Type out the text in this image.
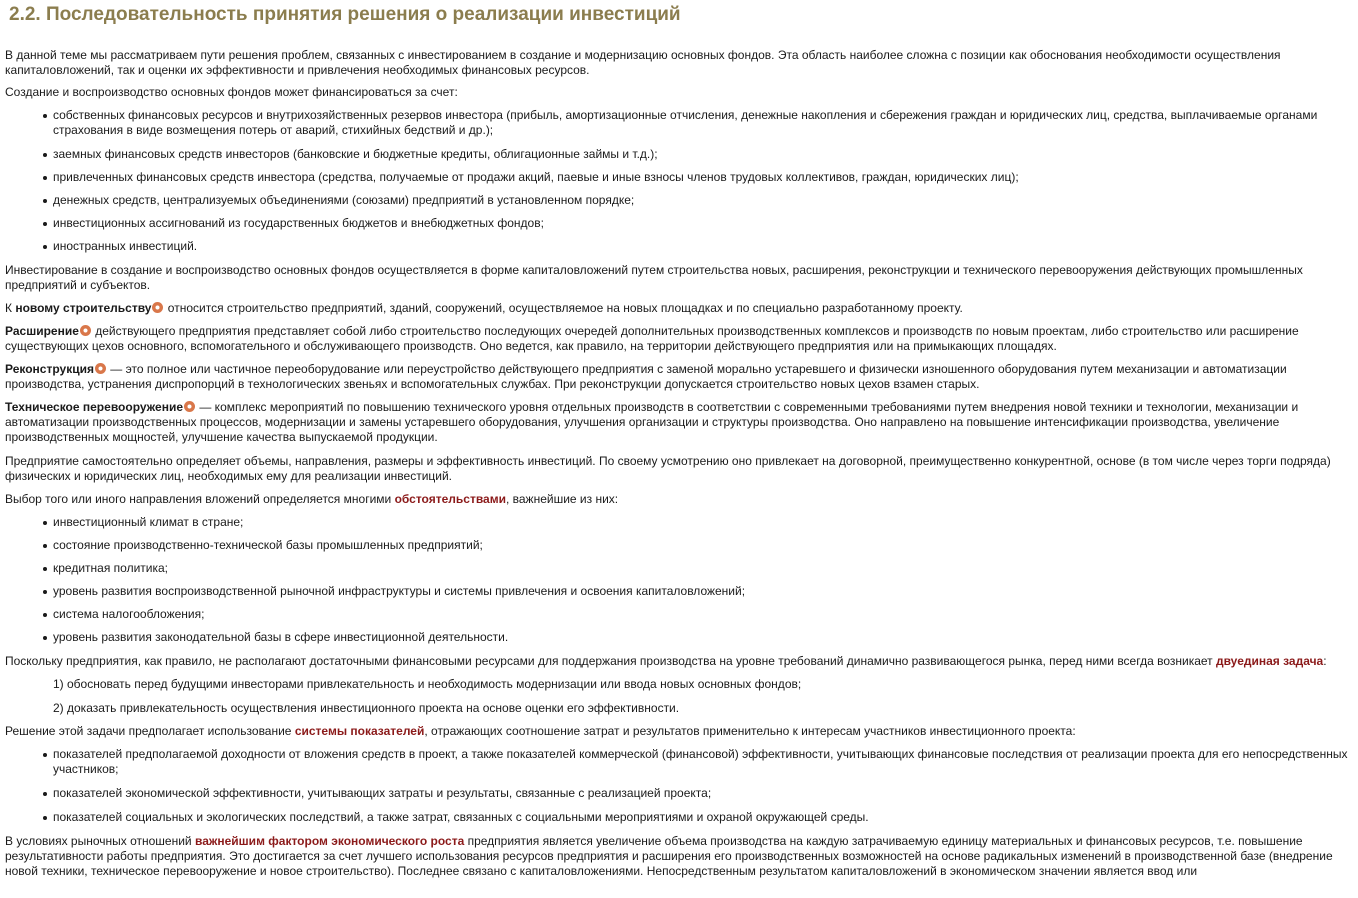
2.2. Последовательность принятия решения о реализации инвестиций

В данной теме мы рассматриваем пути решения проблем, связанных с инвестированием в создание и модернизацию основных фондов. Эта область наиболее сложна с позиции как обоснования необходимости осуществления капиталовложений, так и оценки их эффективности и привлечения необходимых финансовых ресурсов.

Создание и воспроизводство основных фондов может финансироваться за счет:

собственных финансовых ресурсов и внутрихозяйственных резервов инвестора (прибыль, амортизационные отчисления, денежные накопления и сбережения граждан и юридических лиц, средства, выплачиваемые органами страхования в виде возмещения потерь от аварий, стихийных бедствий и др.);
заемных финансовых средств инвесторов (банковские и бюджетные кредиты, облигационные займы и т.д.);
привлеченных финансовых средств инвестора (средства, получаемые от продажи акций, паевые и иные взносы членов трудовых коллективов, граждан, юридических лиц);
денежных средств, централизуемых объединениями (союзами) предприятий в установленном порядке;
инвестиционных ассигнований из государственных бюджетов и внебюджетных фондов;
иностранных инвестиций.

Инвестирование в создание и воспроизводство основных фондов осуществляется в форме капиталовложений путем строительства новых, расширения, реконструкции и технического перевооружения действующих промышленных предприятий и субъектов.

К новому строительству относится строительство предприятий, зданий, сооружений, осуществляемое на новых площадках и по специально разработанному проекту.

Расширение действующего предприятия представляет собой либо строительство последующих очередей дополнительных производственных комплексов и производств по новым проектам, либо строительство или расширение существующих цехов основного, вспомогательного и обслуживающего производств. Оно ведется, как правило, на территории действующего предприятия или на примыкающих площадях.

Реконструкция — это полное или частичное переоборудование или переустройство действующего предприятия с заменой морально устаревшего и физически изношенного оборудования путем механизации и автоматизации производства, устранения диспропорций в технологических звеньях и вспомогательных службах. При реконструкции допускается строительство новых цехов взамен старых.

Техническое перевооружение — комплекс мероприятий по повышению технического уровня отдельных производств в соответствии с современными требованиями путем внедрения новой техники и технологии, механизации и автоматизации производственных процессов, модернизации и замены устаревшего оборудования, улучшения организации и структуры производства. Оно направлено на повышение интенсификации производства, увеличение производственных мощностей, улучшение качества выпускаемой продукции.

Предприятие самостоятельно определяет объемы, направления, размеры и эффективность инвестиций. По своему усмотрению оно привлекает на договорной, преимущественно конкурентной, основе (в том числе через торги подряда) физических и юридических лиц, необходимых ему для реализации инвестиций.

Выбор того или иного направления вложений определяется многими обстоятельствами, важнейшие из них:

инвестиционный климат в стране;
состояние производственно-технической базы промышленных предприятий;
кредитная политика;
уровень развития воспроизводственной рыночной инфраструктуры и системы привлечения и освоения капиталовложений;
система налогообложения;
уровень развития законодательной базы в сфере инвестиционной деятельности.

Поскольку предприятия, как правило, не располагают достаточными финансовыми ресурсами для поддержания производства на уровне требований динамично развивающегося рынка, перед ними всегда возникает двуединая задача:

1) обосновать перед будущими инвесторами привлекательность и необходимость модернизации или ввода новых основных фондов;

2) доказать привлекательность осуществления инвестиционного проекта на основе оценки его эффективности.

Решение этой задачи предполагает использование системы показателей, отражающих соотношение затрат и результатов применительно к интересам участников инвестиционного проекта:

показателей предполагаемой доходности от вложения средств в проект, а также показателей коммерческой (финансовой) эффективности, учитывающих финансовые последствия от реализации проекта для его непосредственных участников;
показателей экономической эффективности, учитывающих затраты и результаты, связанные с реализацией проекта;
показателей социальных и экологических последствий, а также затрат, связанных с социальными мероприятиями и охраной окружающей среды.

В условиях рыночных отношений важнейшим фактором экономического роста предприятия является увеличение объема производства на каждую затрачиваемую единицу материальных и финансовых ресурсов, т.е. повышение результативности работы предприятия. Это достигается за счет лучшего использования ресурсов предприятия и расширения его производственных возможностей на основе радикальных изменений в производственной базе (внедрение новой техники, техническое перевооружение и новое строительство). Последнее связано с капиталовложениями. Непосредственным результатом капиталовложений в экономическом значении является ввод или
